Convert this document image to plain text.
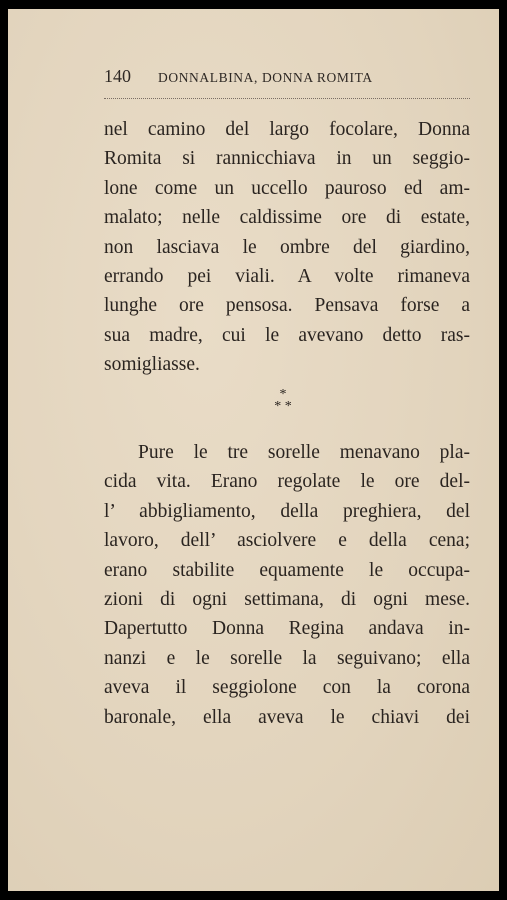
140 DONNALBINA, DONNA ROMITA
nel camino del largo focolare, Donna
Romita si rannicchiava in un seggio-
lone come un uccello pauroso ed am-
malato; nelle caldissime ore di estate,
non lasciava le ombre del giardino,
errando pei viali. A volte rimaneva
lunghe ore pensosa. Pensava forse a
sua madre, cui le avevano detto ras-
somigliasse.
*
* *
Pure le tre sorelle menavano pla-
cida vita. Erano regolate le ore del-
l’ abbigliamento, della preghiera, del
lavoro, dell’ asciolvere e della cena;
erano stabilite equamente le occupa-
zioni di ogni settimana, di ogni mese.
Dapertutto Donna Regina andava in-
nanzi e le sorelle la seguivano; ella
aveva il seggiolone con la corona
baronale, ella aveva le chiavi dei
